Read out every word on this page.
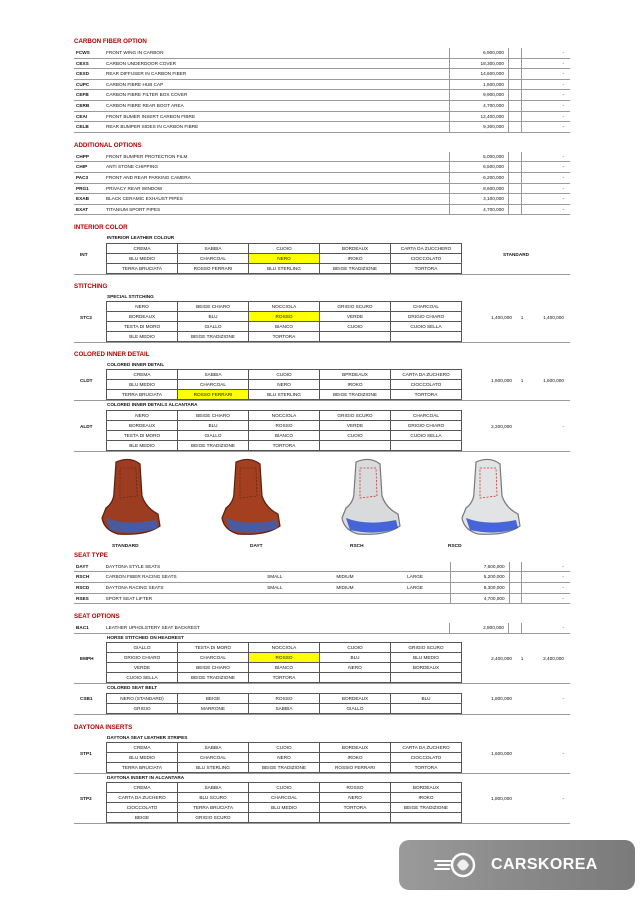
CARBON FIBER OPTION
FCWS	FRONT WING IN CARBON	6,900,000	-
CEXS	CARBON UNDERDOOR COVER	18,300,000	-
CEXD	REAR DIFFUSER IN CARBON FIBER	14,600,000	-
CUPC	CARBON FIBRE HUB CAP	1,600,000	-
CEFB	CARBON FIBRE FILTER BOX COVER	9,900,000	-
CERB	CARBON FIBRE REAR BOOT AREA	4,700,000	-
CEAI	FRONT BUMER INSERT CARBON FIBRE	12,400,000	-
CELB	REAR BUMPER SIDES IN CARBON FIBRE	9,300,000	-
ADDITIONAL OPTIONS
CHPP	FRONT BUMPER PROTECTION FILM	5,000,000	-
CHIP	ANTI STONE CHIPPING	6,500,000	-
PAC3	FRONT AND REAR PARKING CAMERA	6,200,000	-
PRG1	PRIVACY REAR WINDOW	8,600,000	-
EXAB	BLACK CERAMIC EXHAUST PIPES	3,100,000	-
EXAT	TITANIUM SPORT PIPES	4,700,000	-
INTERIOR COLOR
INT
INTERIOR LEATHER COLOUR
CREMA	SABBIA	CUOIO	BORDEAUX	CARTA DA ZUCCHERO
BLU MEDIO	CHARCOAL	NERO	IROKO	CIOCCOLATO
TERRA BRUCIATA	ROSSO FERRARI	BLU STERLING	BEIGE TRADIZIONE	TORTORA
STANDARD
STITCHING
STC2
SPECIAL STITCHING
NERO	BEIGE CHIARO	NOCCIOLA	GRIGIO SCURO	CHARCOAL
BORDEAUX	BLU	ROSSO	VERDE	GRIGIO CHIARO
TESTA DI MORO	GIALLO	BIANCO	CUOIO	CUOIO SELLA
BLE MEDIO	BEIGE TRADIZIONE	TORTORA
1,400,000	1	1,400,000
COLORED INNER DETAIL
CLDT
COLORED INNER DETAIL
CREMA	SABBIA	CUOIO	BPRDEAUX	CARTA DA ZUCHERO
BLU MEDIO	CHARCOAL	NERO	IROKO	CIOCCOLATO
TERRA BRUCIATA	ROSSO FERRARI	BLU STERLING	BEIGE TRADIZIONE	TORTORA
1,600,000	1	1,600,000
ALDT
COLORED INNER DETAILS ALCANTARA
NERO	BEIGE CHIARO	NOCCIOLA	GRIGIO SCURO	CHARCOAL
BORDEAUX	BLU	ROSSO	VERDE	GRIGIO CHIARO
TESTA DI MORO	GIALLO	BIANCO	CUOIO	CUOIO SELLA
BLE MEDIO	BEIGE TRADIZIONE	TORTORA
2,200,000	-
STANDARD	DAYT	RSCH	RSCD
SEAT TYPE
DAYT	DAYTONA STYLE SEATS	7,600,000	-
RSCH	CARBON FIBER RACING SEATS	SMALL	MIDIUM	LARGE	5,200,000	-
RSCD	DAYTONA RACING SEATS	SMALL	MIDIUM	LARGE	8,300,000	-
RSES	SPORT SEAT LIFTER	4,700,000	-
SEAT OPTIONS
BAC1	LEATHER UPHOLSTERY SEAT BACKREST	2,800,000	-
EMPH
HORSE STITCHED ON HEADREST
GIALLO	TESTA DI MORO	NOCCIOLA	CUOIO	GRIGIO SCURO
GRIGIO CHIARO	CHARCOAL	ROSSO	BLU	BLU MEDIO
VERDE	BEIGE CHIARO	BIANCO	NERO	BORDEAUX
CUOIO SELLA	BEIGE TRADIZIONE	TORTORA
2,400,000	1	2,400,000
CSB1
COLORED SEAT BELT
NERO (STANDARD)	BEIGE	ROSSO	BORDEAUX	BLU
GRIGIO	MARRONE	SABBIA	GIALLO
1,800,000	-
DAYTONA INSERTS
STP1
DAYTONA SEAT LEATHER STRIPES
CREMA	SABBIA	CUOIO	BORDEAUX	CARTA DA ZUCHERO
BLU MEDIO	CHARCOAL	NERO	IROKO	CIOCCOLATO
TERRA BRUCIATA	BLU STERLING	BEIGE TRADIZIONE	ROSSIO FERRARI	TORTORA
1,600,000	-
STP2
DAYTONA INSERT IN ALCANTARA
CREMA	SABBIA	CUOIO	ROSSO	BORDEAUX
CARTA DA ZUCHERO	BLU SCURO	CHARCOAL	NERO	IROKO
CIOCCOLATO	TERRA BRUCIATA	BLU MEDIO	TORTORA	BEIGE TRADIZIONE
BEIGE	GRIGIO SCURO
1,800,000	-
CARSKOREA
